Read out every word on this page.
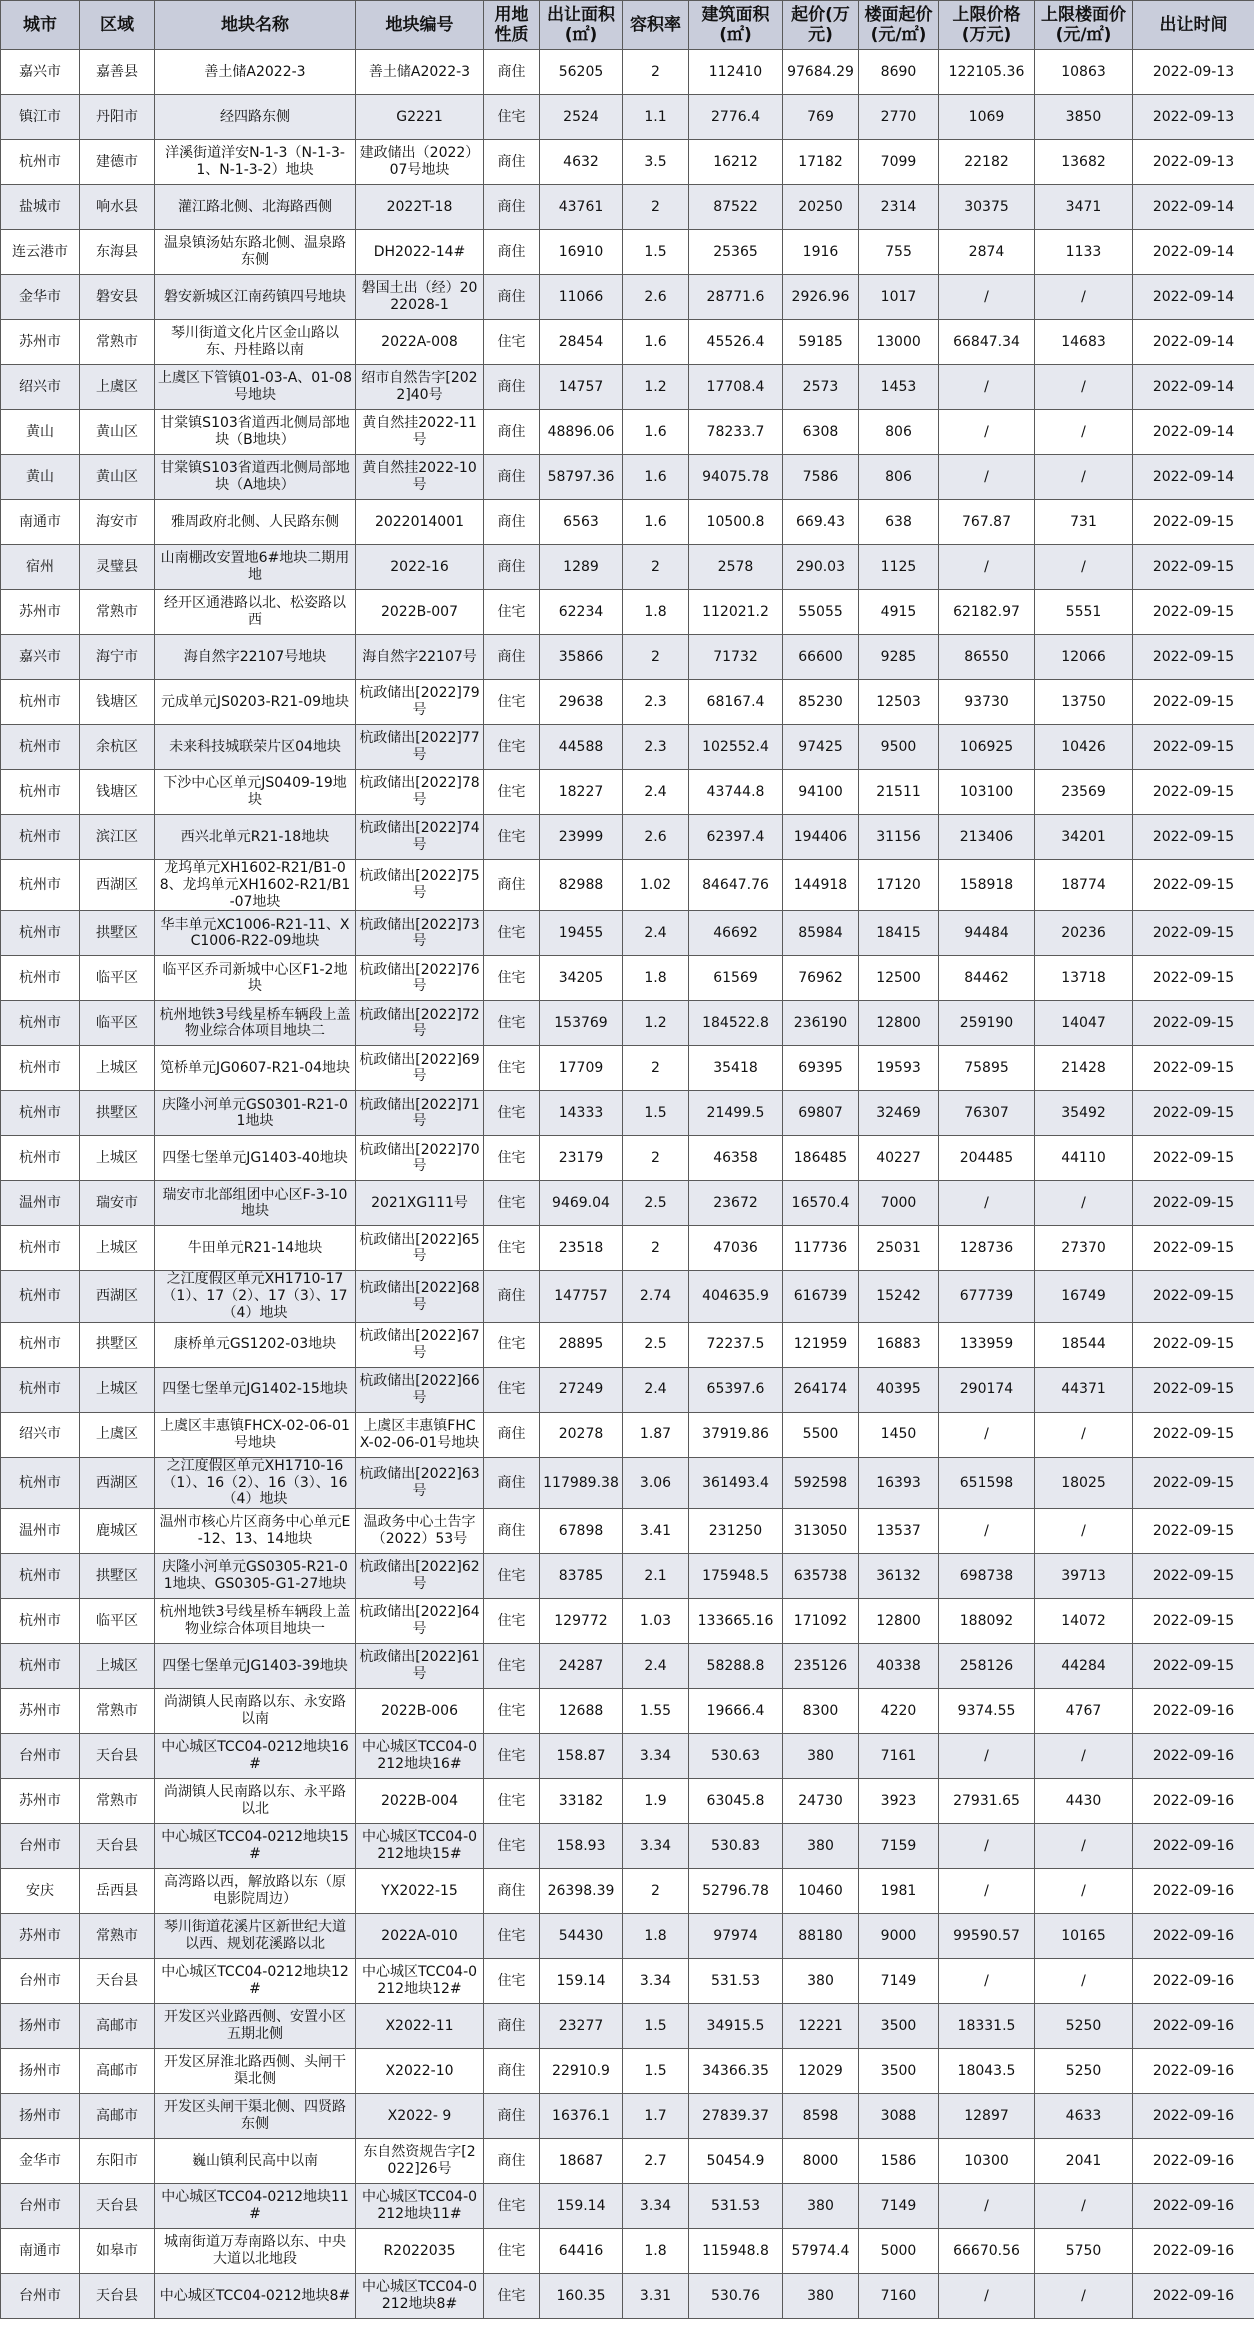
城市	区域	地块名称	地块编号	用地性质	出让面积(㎡)	容积率	建筑面积(㎡)	起价(万元)	楼面起价(元/㎡)	上限价格(万元)	上限楼面价(元/㎡)	出让时间
嘉兴市	嘉善县	善土储A2022-3	善土储A2022-3	商住	56205	2	112410	97684.29	8690	122105.36	10863	2022-09-13
镇江市	丹阳市	经四路东侧	G2221	住宅	2524	1.1	2776.4	769	2770	1069	3850	2022-09-13
杭州市	建德市	洋溪街道洋安N-1-3（N-1-3-1、N-1-3-2）地块	建政储出（2022）07号地块	商住	4632	3.5	16212	17182	7099	22182	13682	2022-09-13
盐城市	响水县	灌江路北侧、北海路西侧	2022T-18	商住	43761	2	87522	20250	2314	30375	3471	2022-09-14
连云港市	东海县	温泉镇汤姑东路北侧、温泉路东侧	DH2022-14#	商住	16910	1.5	25365	1916	755	2874	1133	2022-09-14
金华市	磐安县	磐安新城区江南药镇四号地块	磐国土出（经）2022028-1	商住	11066	2.6	28771.6	2926.96	1017	/	/	2022-09-14
苏州市	常熟市	琴川街道文化片区金山路以东、丹桂路以南	2022A-008	住宅	28454	1.6	45526.4	59185	13000	66847.34	14683	2022-09-14
绍兴市	上虞区	上虞区下管镇01-03-A、01-08号地块	绍市自然告字[2022]40号	商住	14757	1.2	17708.4	2573	1453	/	/	2022-09-14
黄山	黄山区	甘棠镇S103省道西北侧局部地块（B地块）	黄自然挂2022-11号	商住	48896.06	1.6	78233.7	6308	806	/	/	2022-09-14
黄山	黄山区	甘棠镇S103省道西北侧局部地块（A地块）	黄自然挂2022-10号	商住	58797.36	1.6	94075.78	7586	806	/	/	2022-09-14
南通市	海安市	雅周政府北侧、人民路东侧	2022014001	商住	6563	1.6	10500.8	669.43	638	767.87	731	2022-09-15
宿州	灵璧县	山南棚改安置地6#地块二期用地	2022-16	商住	1289	2	2578	290.03	1125	/	/	2022-09-15
苏州市	常熟市	经开区通港路以北、松姿路以西	2022B-007	住宅	62234	1.8	112021.2	55055	4915	62182.97	5551	2022-09-15
嘉兴市	海宁市	海自然字22107号地块	海自然字22107号	商住	35866	2	71732	66600	9285	86550	12066	2022-09-15
杭州市	钱塘区	元成单元JS0203-R21-09地块	杭政储出[2022]79号	住宅	29638	2.3	68167.4	85230	12503	93730	13750	2022-09-15
杭州市	余杭区	未来科技城联荣片区04地块	杭政储出[2022]77号	住宅	44588	2.3	102552.4	97425	9500	106925	10426	2022-09-15
杭州市	钱塘区	下沙中心区单元JS0409-19地块	杭政储出[2022]78号	住宅	18227	2.4	43744.8	94100	21511	103100	23569	2022-09-15
杭州市	滨江区	西兴北单元R21-18地块	杭政储出[2022]74号	住宅	23999	2.6	62397.4	194406	31156	213406	34201	2022-09-15
杭州市	西湖区	龙坞单元XH1602-R21/B1-08、龙坞单元XH1602-R21/B1-07地块	杭政储出[2022]75号	商住	82988	1.02	84647.76	144918	17120	158918	18774	2022-09-15
杭州市	拱墅区	华丰单元XC1006-R21-11、XC1006-R22-09地块	杭政储出[2022]73号	住宅	19455	2.4	46692	85984	18415	94484	20236	2022-09-15
杭州市	临平区	临平区乔司新城中心区F1-2地块	杭政储出[2022]76号	住宅	34205	1.8	61569	76962	12500	84462	13718	2022-09-15
杭州市	临平区	杭州地铁3号线星桥车辆段上盖物业综合体项目地块二	杭政储出[2022]72号	住宅	153769	1.2	184522.8	236190	12800	259190	14047	2022-09-15
杭州市	上城区	笕桥单元JG0607-R21-04地块	杭政储出[2022]69号	住宅	17709	2	35418	69395	19593	75895	21428	2022-09-15
杭州市	拱墅区	庆隆小河单元GS0301-R21-01地块	杭政储出[2022]71号	住宅	14333	1.5	21499.5	69807	32469	76307	35492	2022-09-15
杭州市	上城区	四堡七堡单元JG1403-40地块	杭政储出[2022]70号	住宅	23179	2	46358	186485	40227	204485	44110	2022-09-15
温州市	瑞安市	瑞安市北部组团中心区F-3-10地块	2021XG111号	住宅	9469.04	2.5	23672	16570.4	7000	/	/	2022-09-15
杭州市	上城区	牛田单元R21-14地块	杭政储出[2022]65号	住宅	23518	2	47036	117736	25031	128736	27370	2022-09-15
杭州市	西湖区	之江度假区单元XH1710-17（1）、17（2）、17（3）、17（4）地块	杭政储出[2022]68号	商住	147757	2.74	404635.9	616739	15242	677739	16749	2022-09-15
杭州市	拱墅区	康桥单元GS1202-03地块	杭政储出[2022]67号	住宅	28895	2.5	72237.5	121959	16883	133959	18544	2022-09-15
杭州市	上城区	四堡七堡单元JG1402-15地块	杭政储出[2022]66号	住宅	27249	2.4	65397.6	264174	40395	290174	44371	2022-09-15
绍兴市	上虞区	上虞区丰惠镇FHCX-02-06-01号地块	上虞区丰惠镇FHCX-02-06-01号地块	商住	20278	1.87	37919.86	5500	1450	/	/	2022-09-15
杭州市	西湖区	之江度假区单元XH1710-16（1）、16（2）、16（3）、16（4）地块	杭政储出[2022]63号	商住	117989.38	3.06	361493.4	592598	16393	651598	18025	2022-09-15
温州市	鹿城区	温州市核心片区商务中心单元E-12、13、14地块	温政务中心土告字（2022）53号	商住	67898	3.41	231250	313050	13537	/	/	2022-09-15
杭州市	拱墅区	庆隆小河单元GS0305-R21-01地块、GS0305-G1-27地块	杭政储出[2022]62号	住宅	83785	2.1	175948.5	635738	36132	698738	39713	2022-09-15
杭州市	临平区	杭州地铁3号线星桥车辆段上盖物业综合体项目地块一	杭政储出[2022]64号	住宅	129772	1.03	133665.16	171092	12800	188092	14072	2022-09-15
杭州市	上城区	四堡七堡单元JG1403-39地块	杭政储出[2022]61号	住宅	24287	2.4	58288.8	235126	40338	258126	44284	2022-09-15
苏州市	常熟市	尚湖镇人民南路以东、永安路以南	2022B-006	住宅	12688	1.55	19666.4	8300	4220	9374.55	4767	2022-09-16
台州市	天台县	中心城区TCC04-0212地块16#	中心城区TCC04-0212地块16#	住宅	158.87	3.34	530.63	380	7161	/	/	2022-09-16
苏州市	常熟市	尚湖镇人民南路以东、永平路以北	2022B-004	住宅	33182	1.9	63045.8	24730	3923	27931.65	4430	2022-09-16
台州市	天台县	中心城区TCC04-0212地块15#	中心城区TCC04-0212地块15#	住宅	158.93	3.34	530.83	380	7159	/	/	2022-09-16
安庆	岳西县	高湾路以西，解放路以东（原电影院周边）	YX2022-15	商住	26398.39	2	52796.78	10460	1981	/	/	2022-09-16
苏州市	常熟市	琴川街道花溪片区新世纪大道以西、规划花溪路以北	2022A-010	住宅	54430	1.8	97974	88180	9000	99590.57	10165	2022-09-16
台州市	天台县	中心城区TCC04-0212地块12#	中心城区TCC04-0212地块12#	住宅	159.14	3.34	531.53	380	7149	/	/	2022-09-16
扬州市	高邮市	开发区兴业路西侧、安置小区五期北侧	X2022-11	商住	23277	1.5	34915.5	12221	3500	18331.5	5250	2022-09-16
扬州市	高邮市	开发区屏淮北路西侧、头闸干渠北侧	X2022-10	商住	22910.9	1.5	34366.35	12029	3500	18043.5	5250	2022-09-16
扬州市	高邮市	开发区头闸干渠北侧、四贤路东侧	X2022- 9	商住	16376.1	1.7	27839.37	8598	3088	12897	4633	2022-09-16
金华市	东阳市	巍山镇利民高中以南	东自然资规告字[2022]26号	商住	18687	2.7	50454.9	8000	1586	10300	2041	2022-09-16
台州市	天台县	中心城区TCC04-0212地块11#	中心城区TCC04-0212地块11#	住宅	159.14	3.34	531.53	380	7149	/	/	2022-09-16
南通市	如皋市	城南街道万寿南路以东、中央大道以北地段	R2022035	住宅	64416	1.8	115948.8	57974.4	5000	66670.56	5750	2022-09-16
台州市	天台县	中心城区TCC04-0212地块8#	中心城区TCC04-0212地块8#	住宅	160.35	3.31	530.76	380	7160	/	/	2022-09-16
